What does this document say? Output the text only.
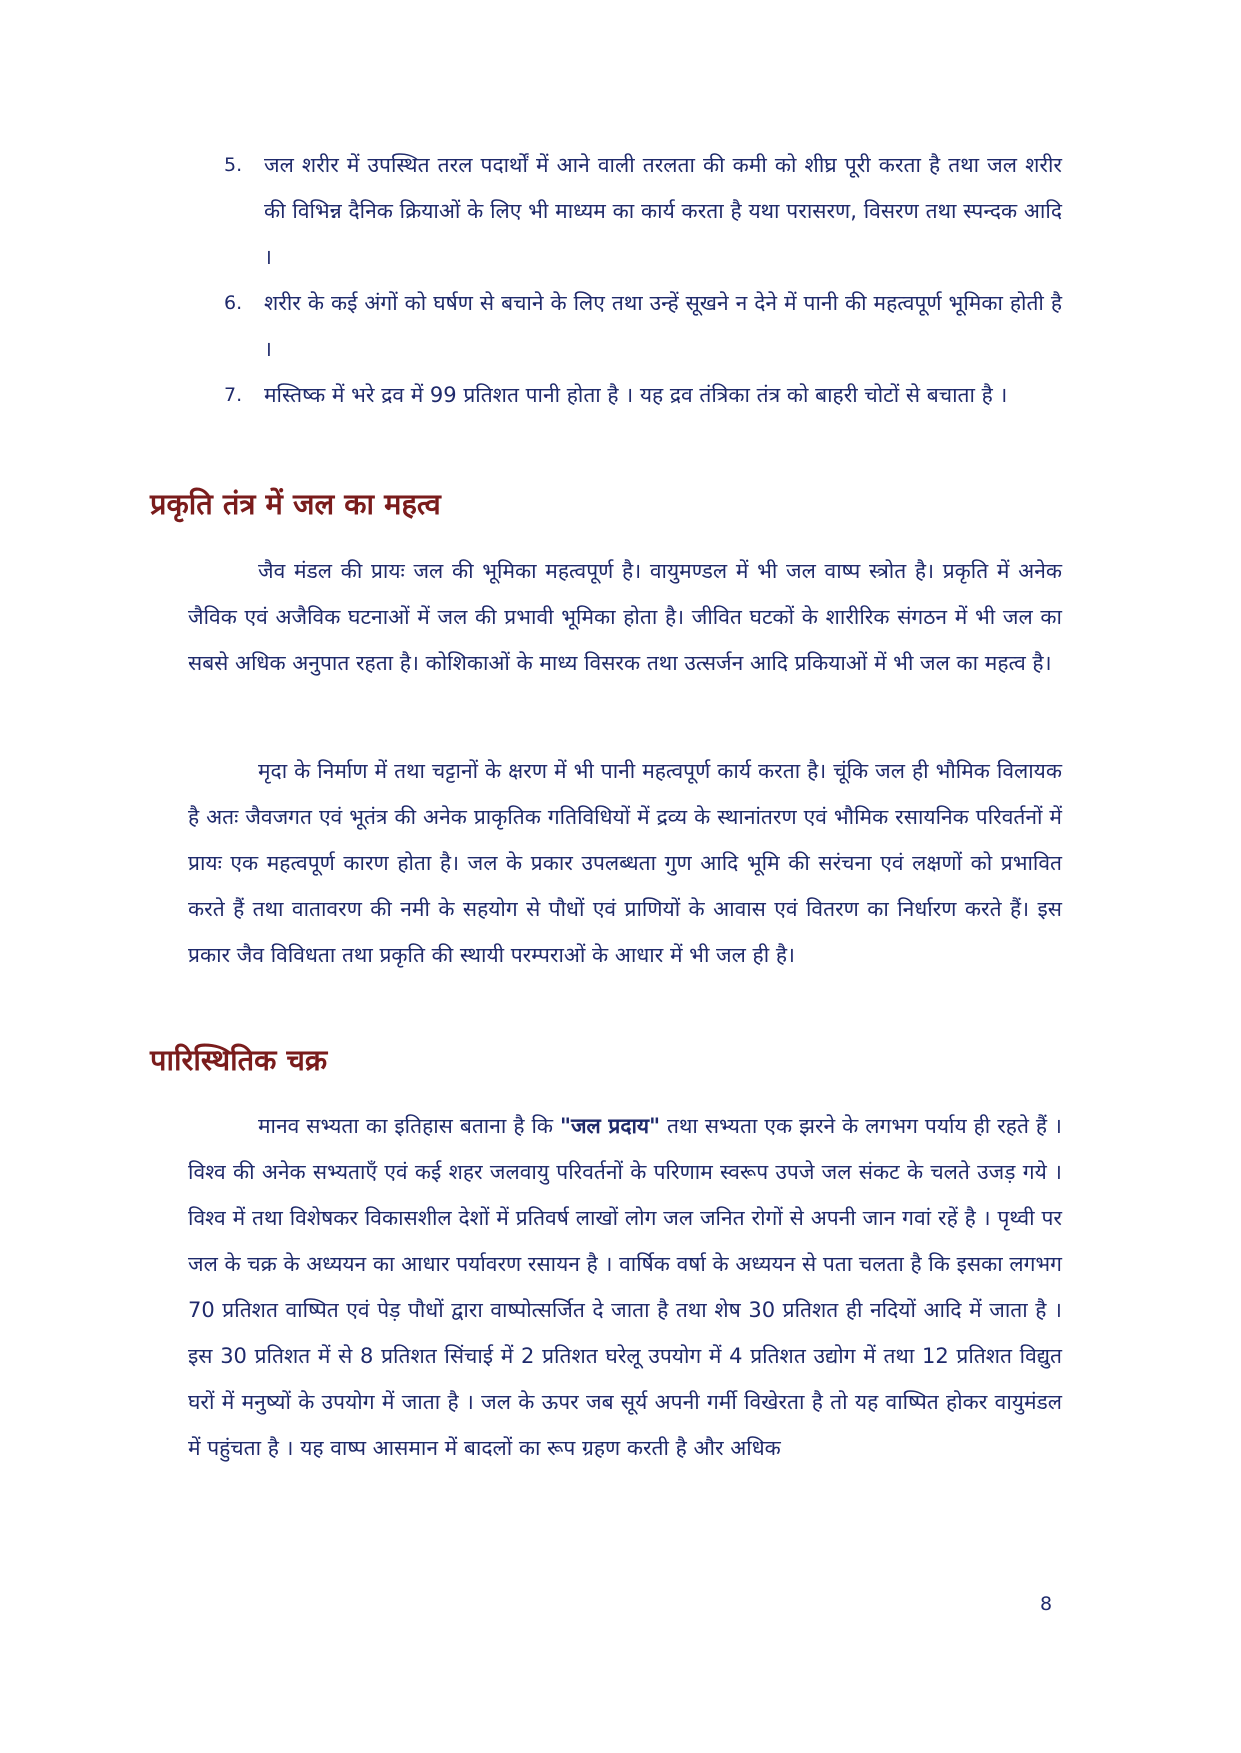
5. जल शरीर में उपस्थित तरल पदार्थों में आने वाली तरलता की कमी को शीघ्र पूरी करता है तथा जल शरीर की विभिन्न दैनिक क्रियाओं के लिए भी माध्यम का कार्य करता है यथा परासरण, विसरण तथा स्पन्दक आदि ।
6. शरीर के कई अंगों को घर्षण से बचाने के लिए तथा उन्हें सूखने न देने में पानी की महत्वपूर्ण भूमिका होती है ।
7. मस्तिष्क में भरे द्रव में 99 प्रतिशत पानी होता है । यह द्रव तंत्रिका तंत्र को बाहरी चोटों से बचाता है ।
प्रकृति तंत्र में जल का महत्व

जैव मंडल की प्रायः जल की भूमिका महत्वपूर्ण है। वायुमण्डल में भी जल वाष्प स्त्रोत है। प्रकृति में अनेक जैविक एवं अजैविक घटनाओं में जल की प्रभावी भूमिका होता है। जीवित घटकों के शारीरिक संगठन में भी जल का सबसे अधिक अनुपात रहता है। कोशिकाओं के माध्य विसरक तथा उत्सर्जन आदि प्रकियाओं में भी जल का महत्व है।

मृदा के निर्माण में तथा चट्टानों के क्षरण में भी पानी महत्वपूर्ण कार्य करता है। चूंकि जल ही भौमिक विलायक है अतः जैवजगत एवं भूतंत्र की अनेक प्राकृतिक गतिविधियों में द्रव्य के स्थानांतरण एवं भौमिक रसायनिक परिवर्तनों में प्रायः एक महत्वपूर्ण कारण होता है। जल के प्रकार उपलब्धता गुण आदि भूमि की सरंचना एवं लक्षणों को प्रभावित करते हैं तथा वातावरण की नमी के सहयोग से पौधों एवं प्राणियों के आवास एवं वितरण का निर्धारण करते हैं। इस प्रकार जैव विविधता तथा प्रकृति की स्थायी परम्पराओं के आधार में भी जल ही है।

पारिस्थितिक चक्र

मानव सभ्यता का इतिहास बताना है कि "जल प्रदाय" तथा सभ्यता एक झरने के लगभग पर्याय ही रहते हैं । विश्व की अनेक सभ्यताएँ एवं कई शहर जलवायु परिवर्तनों के परिणाम स्वरूप उपजे जल संकट के चलते उजड़ गये । विश्व में तथा विशेषकर विकासशील देशों में प्रतिवर्ष लाखों लोग जल जनित रोगों से अपनी जान गवां रहें है । पृथ्वी पर जल के चक्र के अध्ययन का आधार पर्यावरण रसायन है । वार्षिक वर्षा के अध्ययन से पता चलता है कि इसका लगभग 70 प्रतिशत वाष्पित एवं पेड़ पौधों द्वारा वाष्पोत्सर्जित दे जाता है तथा शेष 30 प्रतिशत ही नदियों आदि में जाता है । इस 30 प्रतिशत में से 8 प्रतिशत सिंचाई में 2 प्रतिशत घरेलू उपयोग में 4 प्रतिशत उद्योग में तथा 12 प्रतिशत विद्युत घरों में मनुष्यों के उपयोग में जाता है । जल के ऊपर जब सूर्य अपनी गर्मी विखेरता है तो यह वाष्पित होकर वायुमंडल में पहुंचता है । यह वाष्प आसमान में बादलों का रूप ग्रहण करती है और अधिक

8
